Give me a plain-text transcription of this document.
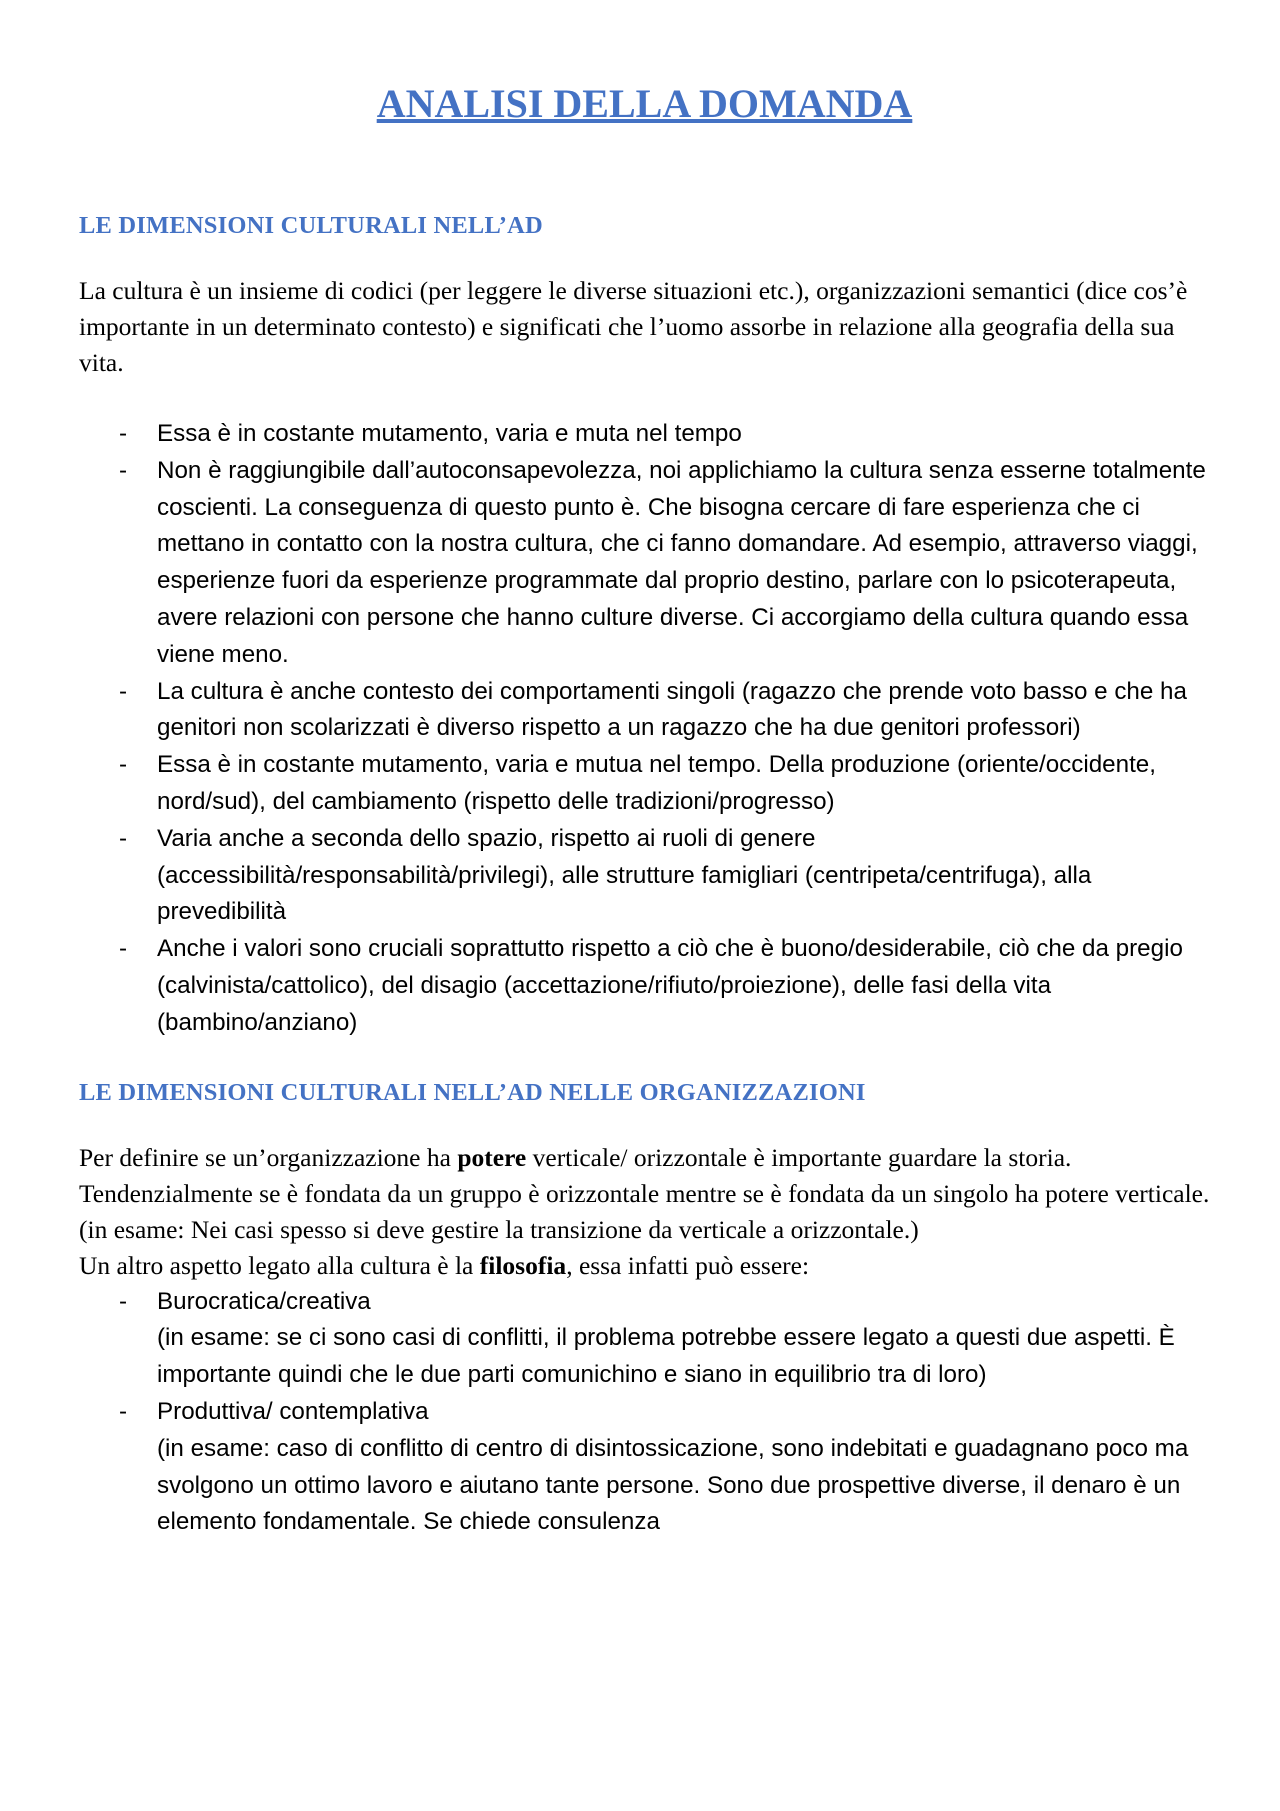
ANALISI DELLA DOMANDA
LE DIMENSIONI CULTURALI NELL’AD

La cultura è un insieme di codici (per leggere le diverse situazioni etc.), organizzazioni semantici (dice cos’è importante in un determinato contesto) e significati che l’uomo assorbe in relazione alla geografia della sua vita.

- Essa è in costante mutamento, varia e muta nel tempo
- Non è raggiungibile dall’autoconsapevolezza, noi applichiamo la cultura senza esserne totalmente coscienti. La conseguenza di questo punto è. Che bisogna cercare di fare esperienza che ci mettano in contatto con la nostra cultura, che ci fanno domandare. Ad esempio, attraverso viaggi, esperienze fuori da esperienze programmate dal proprio destino, parlare con lo psicoterapeuta, avere relazioni con persone che hanno culture diverse. Ci accorgiamo della cultura quando essa viene meno.
- La cultura è anche contesto dei comportamenti singoli (ragazzo che prende voto basso e che ha genitori non scolarizzati è diverso rispetto a un ragazzo che ha due genitori professori)
- Essa è in costante mutamento, varia e mutua nel tempo. Della produzione (oriente/occidente, nord/sud), del cambiamento (rispetto delle tradizioni/progresso)
- Varia anche a seconda dello spazio, rispetto ai ruoli di genere (accessibilità/responsabilità/privilegi), alle strutture famigliari (centripeta/centrifuga), alla prevedibilità
- Anche i valori sono cruciali soprattutto rispetto a ciò che è buono/desiderabile, ciò che da pregio (calvinista/cattolico), del disagio (accettazione/rifiuto/proiezione), delle fasi della vita (bambino/anziano)
LE DIMENSIONI CULTURALI NELL’AD NELLE ORGANIZZAZIONI

Per definire se un’organizzazione ha potere verticale/ orizzontale è importante guardare la storia. Tendenzialmente se è fondata da un gruppo è orizzontale mentre se è fondata da un singolo ha potere verticale. (in esame: Nei casi spesso si deve gestire la transizione da verticale a orizzontale.)

Un altro aspetto legato alla cultura è la filosofia, essa infatti può essere:

- Burocratica/creativa
(in esame: se ci sono casi di conflitti, il problema potrebbe essere legato a questi due aspetti. È importante quindi che le due parti comunichino e siano in equilibrio tra di loro)
- Produttiva/ contemplativa
(in esame: caso di conflitto di centro di disintossicazione, sono indebitati e guadagnano poco ma svolgono un ottimo lavoro e aiutano tante persone. Sono due prospettive diverse, il denaro è un elemento fondamentale. Se chiede consulenza
